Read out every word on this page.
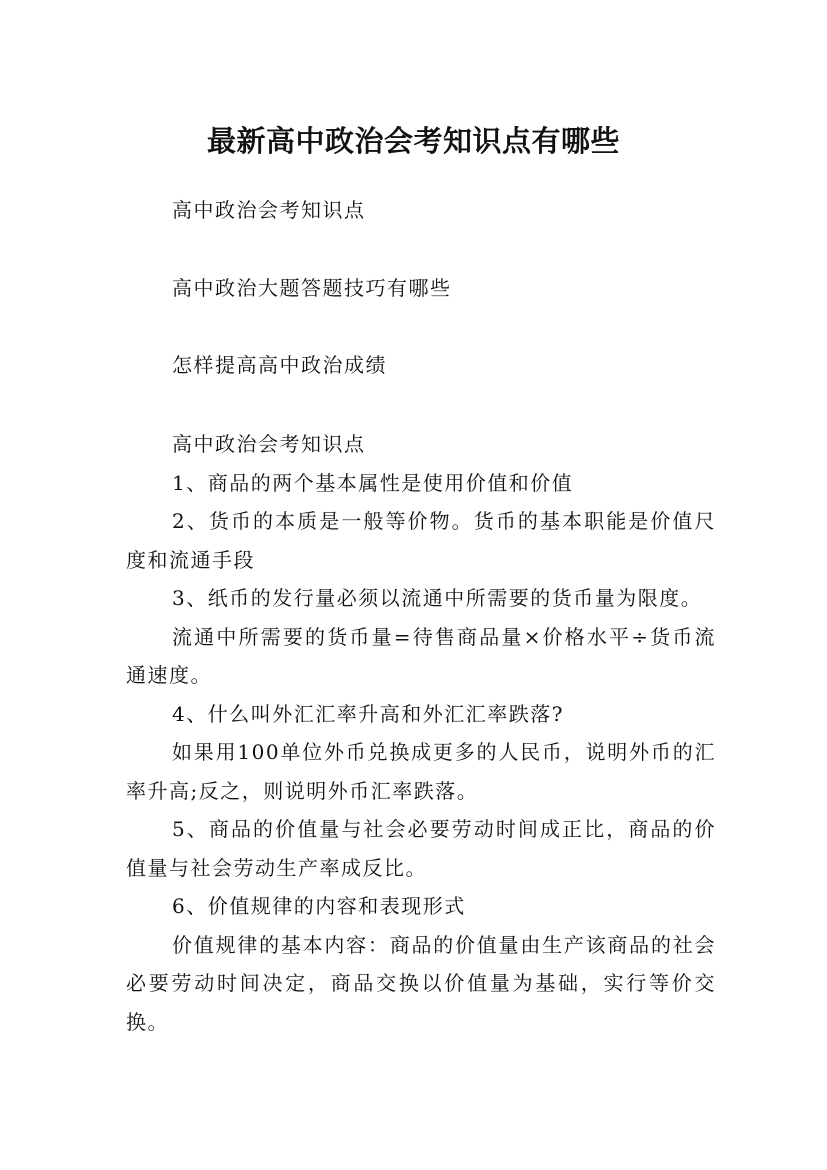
最新高中政治会考知识点有哪些
高中政治会考知识点
高中政治大题答题技巧有哪些
怎样提高高中政治成绩

高中政治会考知识点

1、商品的两个基本属性是使用价值和价值

2、货币的本质是一般等价物。货币的基本职能是价值尺度和流通手段

3、纸币的发行量必须以流通中所需要的货币量为限度。

流通中所需要的货币量=待售商品量×价格水平÷货币流通速度。

4、什么叫外汇汇率升高和外汇汇率跌落?

如果用100单位外币兑换成更多的人民币，说明外币的汇率升高;反之，则说明外币汇率跌落。

5、商品的价值量与社会必要劳动时间成正比，商品的价值量与社会劳动生产率成反比。

6、价值规律的内容和表现形式

价值规律的基本内容：商品的价值量由生产该商品的社会必要劳动时间决定，商品交换以价值量为基础，实行等价交换。
